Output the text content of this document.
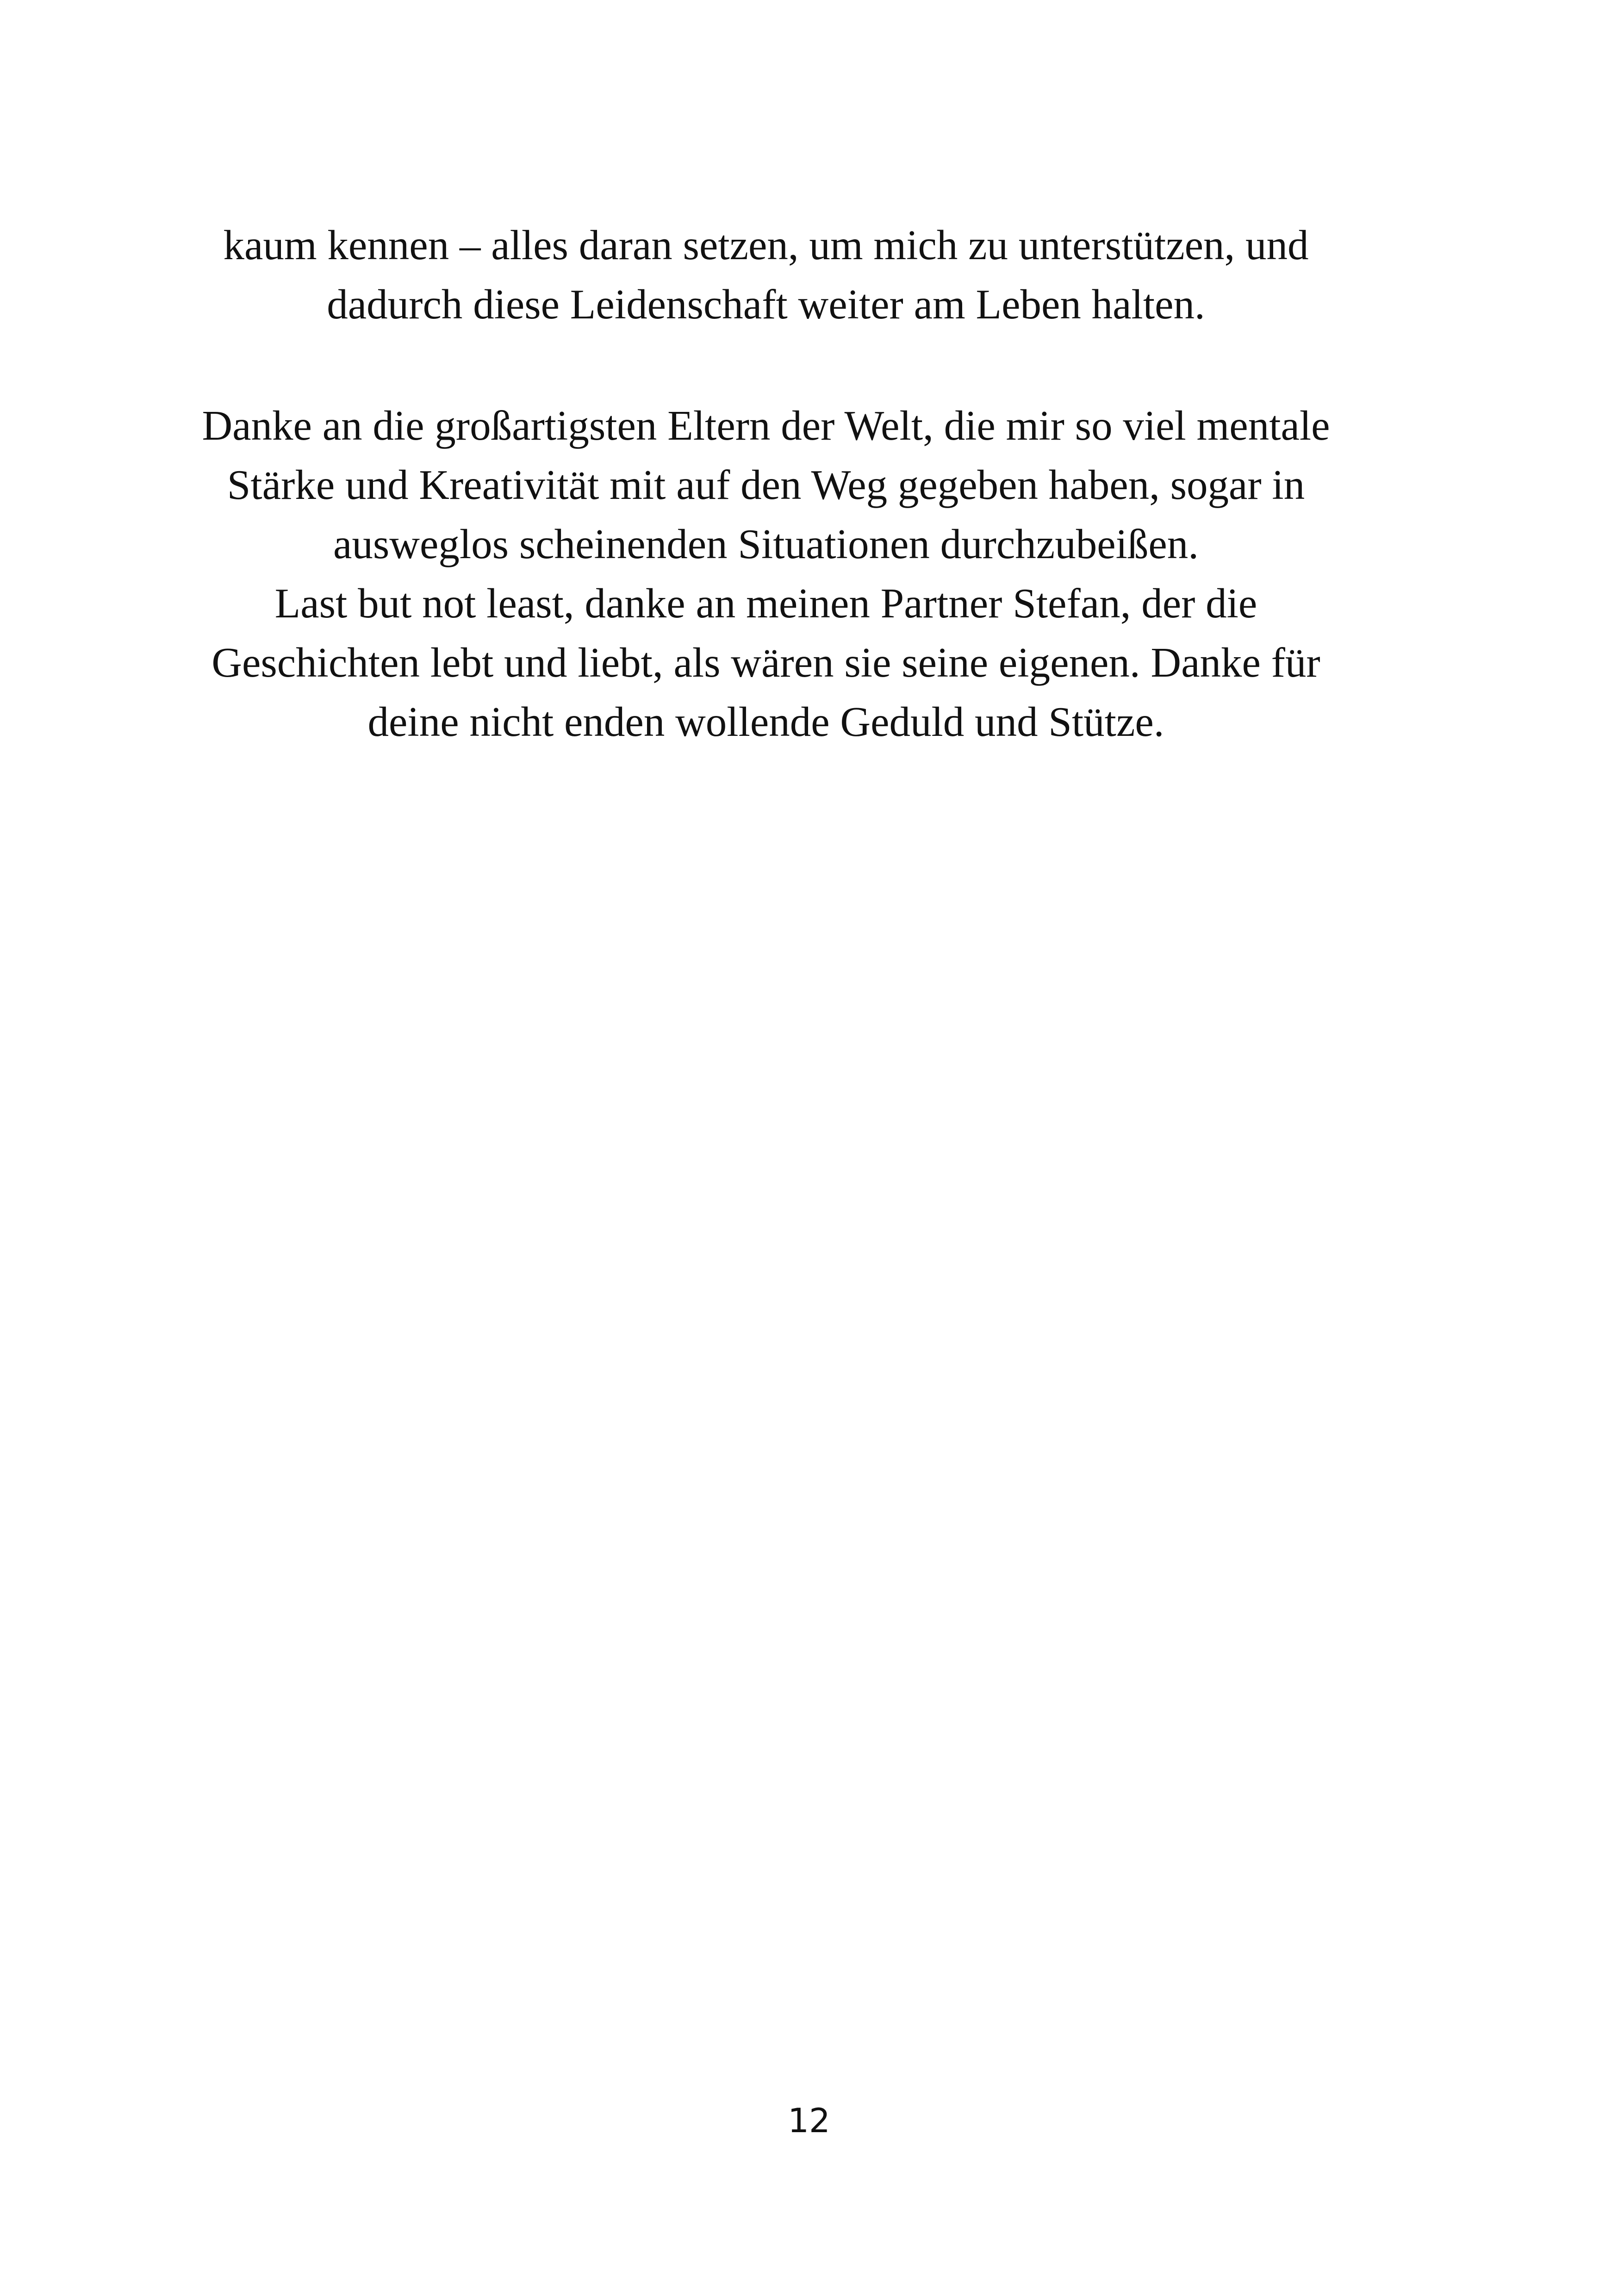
kaum kennen – alles daran setzen, um mich zu unterstützen, und
dadurch diese Leidenschaft weiter am Leben halten.
Danke an die großartigsten Eltern der Welt, die mir so viel mentale
Stärke und Kreativität mit auf den Weg gegeben haben, sogar in
ausweglos scheinenden Situationen durchzubeißen.
Last but not least, danke an meinen Partner Stefan, der die
Geschichten lebt und liebt, als wären sie seine eigenen. Danke für
deine nicht enden wollende Geduld und Stütze.
12
